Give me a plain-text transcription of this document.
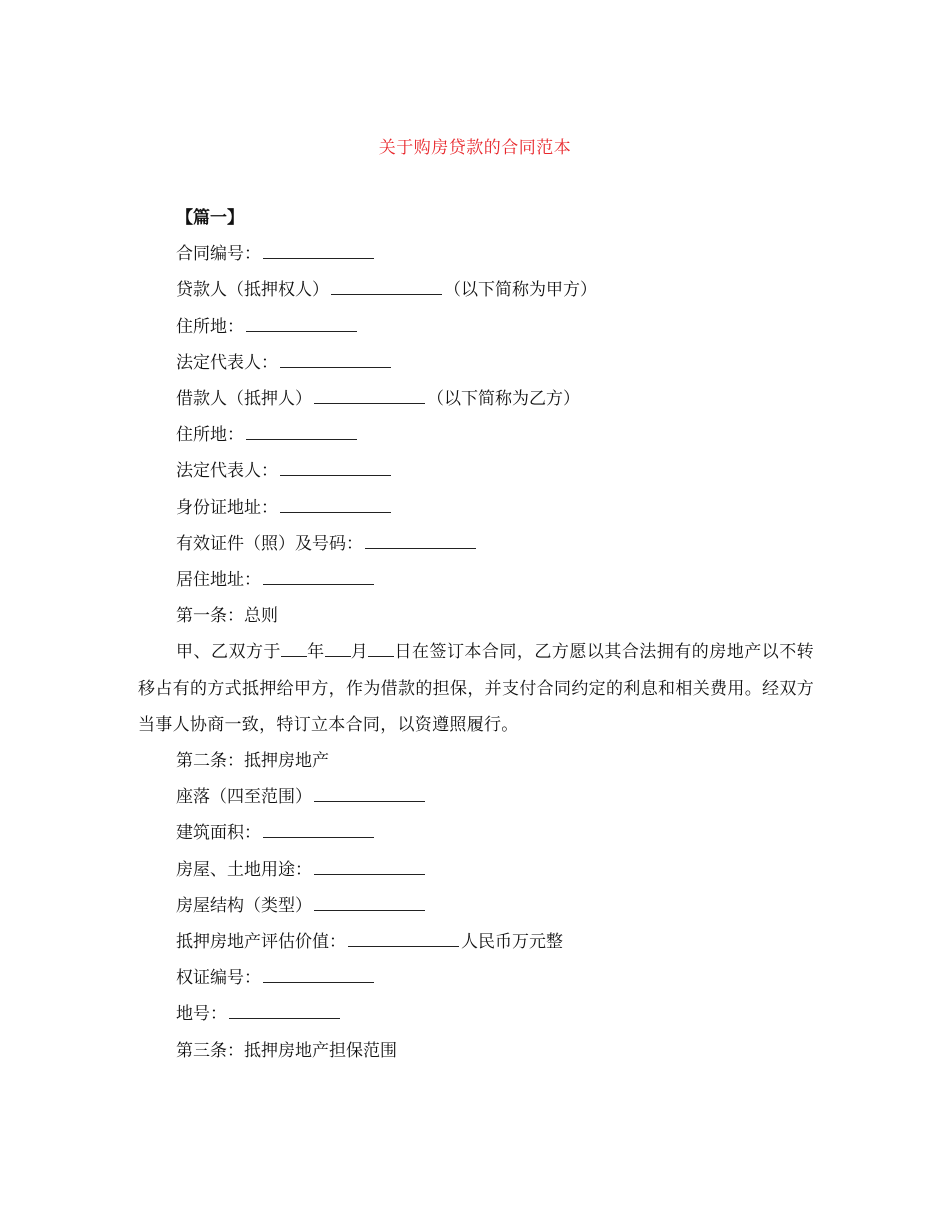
关于购房贷款的合同范本

【篇一】

合同编号：

贷款人（抵押权人）	（以下简称为甲方）

住所地：

法定代表人：

借款人（抵押人）	（以下简称为乙方）

住所地：

法定代表人：

身份证地址：

有效证件（照）及号码：

居住地址：

第一条：总则

甲、乙双方于 年 月 日在签订本合同，乙方愿以其合法拥有的房地产以不转移占有的方式抵押给甲方，作为借款的担保，并支付合同约定的利息和相关费用。经双方当事人协商一致，特订立本合同，以资遵照履行。

第二条：抵押房地产

座落（四至范围）

建筑面积：

房屋、土地用途：

房屋结构（类型）

抵押房地产评估价值：	人民币万元整

权证编号：

地号：

第三条：抵押房地产担保范围
